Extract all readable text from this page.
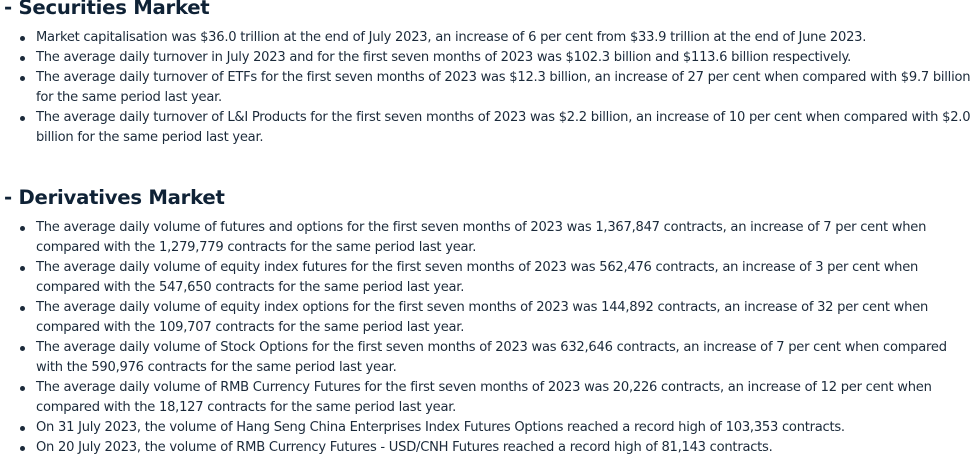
- Securities Market
Market capitalisation was $36.0 trillion at the end of July 2023, an increase of 6 per cent from $33.9 trillion at the end of June 2023.
The average daily turnover in July 2023 and for the first seven months of 2023 was $102.3 billion and $113.6 billion respectively.
The average daily turnover of ETFs for the first seven months of 2023 was $12.3 billion, an increase of 27 per cent when compared with $9.7 billion for the same period last year.
The average daily turnover of L&I Products for the first seven months of 2023 was $2.2 billion, an increase of 10 per cent when compared with $2.0 billion for the same period last year.
- Derivatives Market
The average daily volume of futures and options for the first seven months of 2023 was 1,367,847 contracts, an increase of 7 per cent when compared with the 1,279,779 contracts for the same period last year.
The average daily volume of equity index futures for the first seven months of 2023 was 562,476 contracts, an increase of 3 per cent when compared with the 547,650 contracts for the same period last year.
The average daily volume of equity index options for the first seven months of 2023 was 144,892 contracts, an increase of 32 per cent when compared with the 109,707 contracts for the same period last year.
The average daily volume of Stock Options for the first seven months of 2023 was 632,646 contracts, an increase of 7 per cent when compared with the 590,976 contracts for the same period last year.
The average daily volume of RMB Currency Futures for the first seven months of 2023 was 20,226 contracts, an increase of 12 per cent when compared with the 18,127 contracts for the same period last year.
On 31 July 2023, the volume of Hang Seng China Enterprises Index Futures Options reached a record high of 103,353 contracts.
On 20 July 2023, the volume of RMB Currency Futures - USD/CNH Futures reached a record high of 81,143 contracts.
